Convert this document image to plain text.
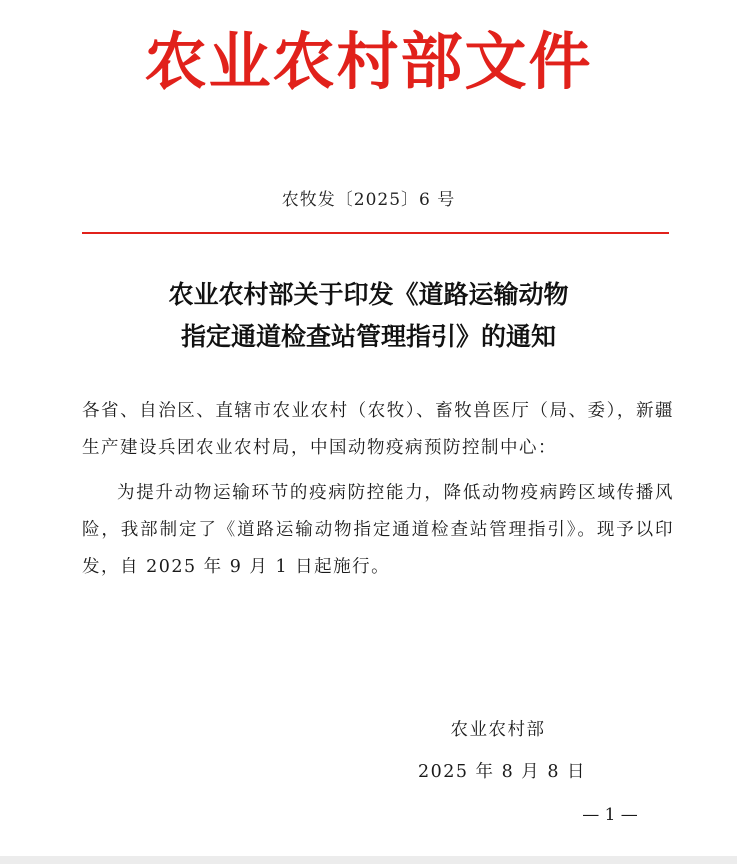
农业农村部文件
农牧发〔2025〕6 号
农业农村部关于印发《道路运输动物
指定通道检查站管理指引》的通知
各省、自治区、直辖市农业农村（农牧）、畜牧兽医厅（局、委），新疆生产建设兵团农业农村局，中国动物疫病预防控制中心：
为提升动物运输环节的疫病防控能力，降低动物疫病跨区域传播风险，我部制定了《道路运输动物指定通道检查站管理指引》。现予以印发，自 2025 年 9 月 1 日起施行。
农业农村部
2025 年 8 月 8 日
— 1 —
